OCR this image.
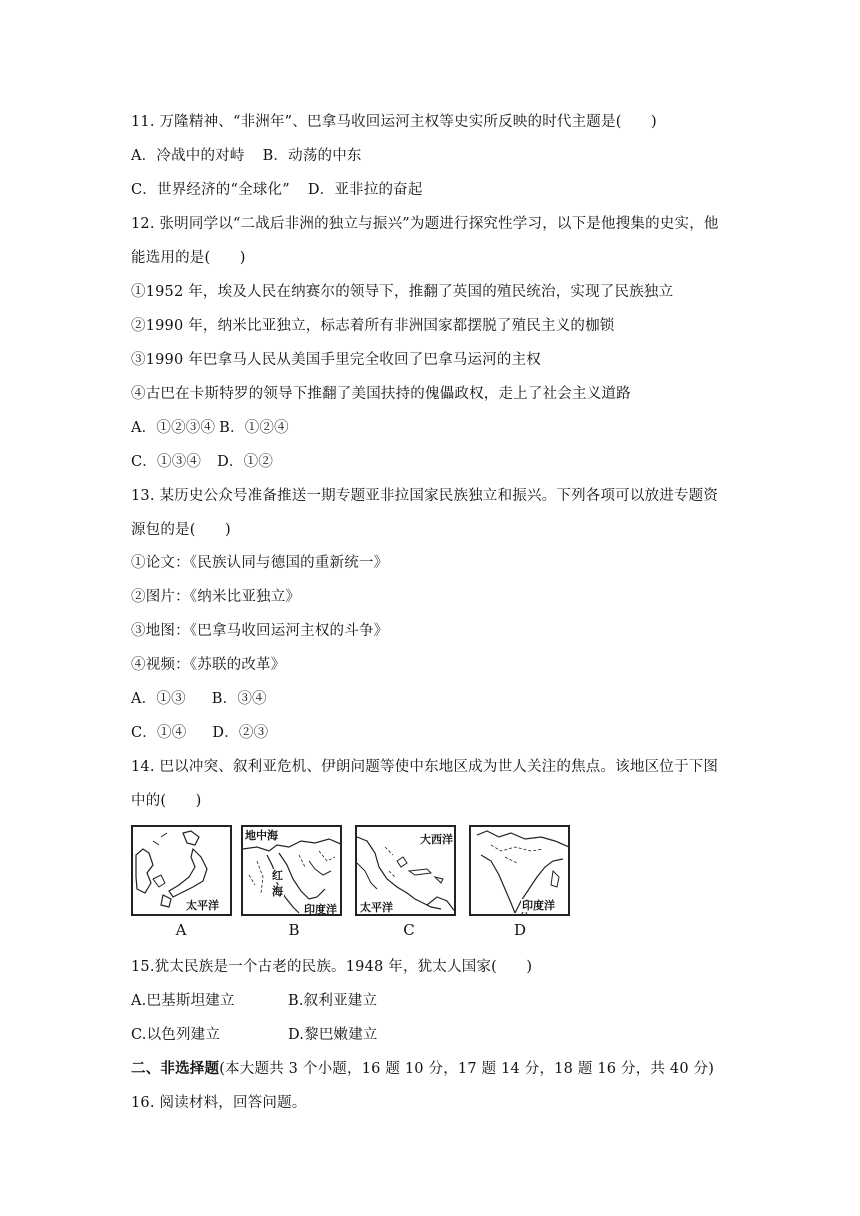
11. 万隆精神、“非洲年”、巴拿马收回运河主权等史实所反映的时代主题是(　　)
A．冷战中的对峙 B．动荡的中东
C．世界经济的“全球化” D．亚非拉的奋起
12. 张明同学以“二战后非洲的独立与振兴”为题进行探究性学习，以下是他搜集的史实，他
能选用的是(　　)
①1952 年，埃及人民在纳赛尔的领导下，推翻了英国的殖民统治，实现了民族独立
②1990 年，纳米比亚独立，标志着所有非洲国家都摆脱了殖民主义的枷锁
③1990 年巴拿马人民从美国手里完全收回了巴拿马运河的主权
④古巴在卡斯特罗的领导下推翻了美国扶持的傀儡政权，走上了社会主义道路
A．①②③④ B．①②④
C．①③④ D．①②
13. 某历史公众号准备推送一期专题亚非拉国家民族独立和振兴。下列各项可以放进专题资
源包的是(　　)
①论文：《民族认同与德国的重新统一》
②图片：《纳米比亚独立》
③地图：《巴拿马收回运河主权的斗争》
④视频：《苏联的改革》
A．①③ B．③④
C．①④ D．②③
14. 巴以冲突、叙利亚危机、伊朗问题等使中东地区成为世人关注的焦点。该地区位于下图
中的(　　)
太平洋
地中海
红
海
印度洋
大西洋
太平洋	印度洋
A	B	C	D
15.犹太民族是一个古老的民族。1948 年，犹太人国家(　　)
A.巴基斯坦建立	B.叙利亚建立
C.以色列建立	D.黎巴嫩建立
二、非选择题(本大题共 3 个小题，16 题 10 分，17 题 14 分，18 题 16 分，共 40 分)
16. 阅读材料，回答问题。
